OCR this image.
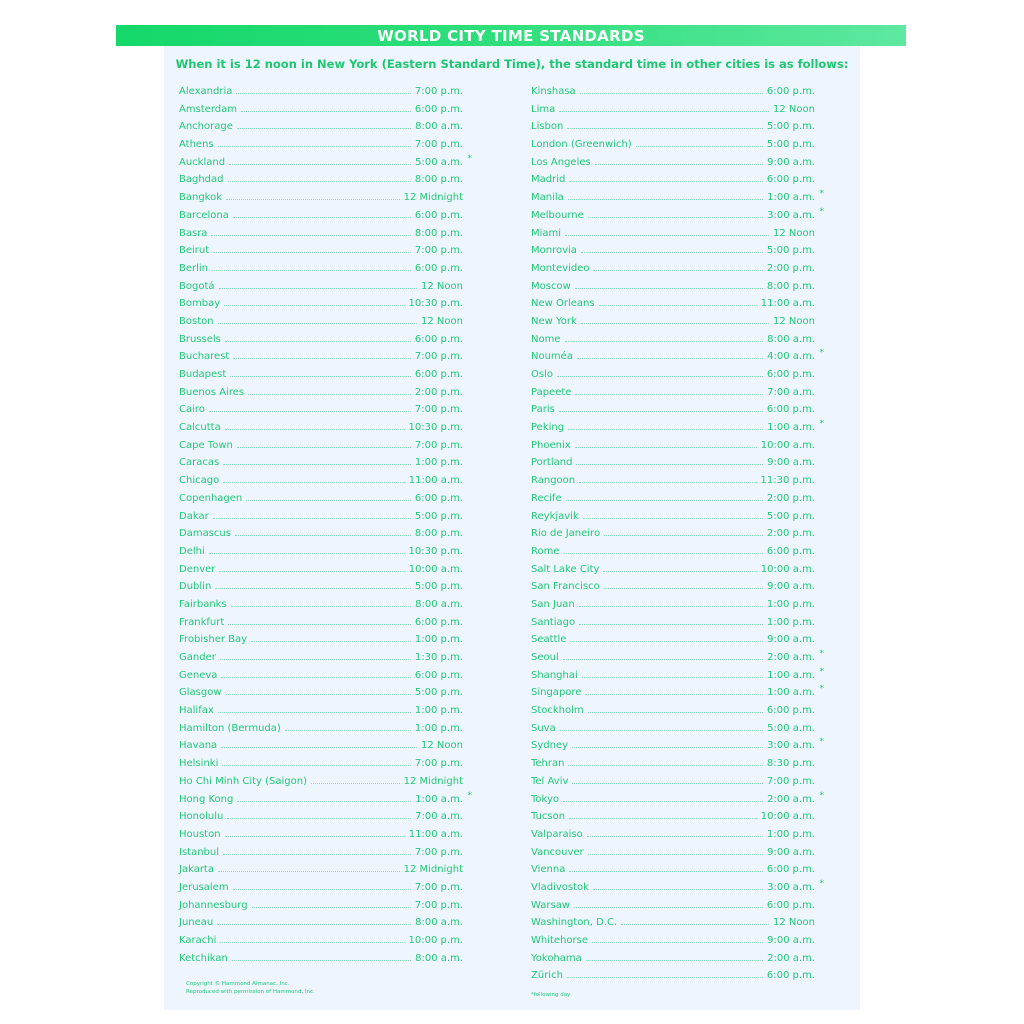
WORLD CITY TIME STANDARDS
When it is 12 noon in New York (Eastern Standard Time), the standard time in other cities is as follows:
Alexandria	7:00 p.m.
Amsterdam	6:00 p.m.
Anchorage	8:00 a.m.
Athens	7:00 p.m.
Auckland	5:00 a.m. *
Baghdad	8:00 p.m.
Bangkok	12 Midnight
Barcelona	6:00 p.m.
Basra	8:00 p.m.
Beirut	7:00 p.m.
Berlin	6:00 p.m.
Bogotá	12 Noon
Bombay	10:30 p.m.
Boston	12 Noon
Brussels	6:00 p.m.
Bucharest	7:00 p.m.
Budapest	6:00 p.m.
Buenos Aires	2:00 p.m.
Cairo	7:00 p.m.
Calcutta	10:30 p.m.
Cape Town	7:00 p.m.
Caracas	1:00 p.m.
Chicago	11:00 a.m.
Copenhagen	6:00 p.m.
Dakar	5:00 p.m.
Damascus	8:00 p.m.
Delhi	10:30 p.m.
Denver	10:00 a.m.
Dublin	5:00 p.m.
Fairbanks	8:00 a.m.
Frankfurt	6:00 p.m.
Frobisher Bay	1:00 p.m.
Gander	1:30 p.m.
Geneva	6:00 p.m.
Glasgow	5:00 p.m.
Halifax	1:00 p.m.
Hamilton (Bermuda)	1:00 p.m.
Havana	12 Noon
Helsinki	7:00 p.m.
Ho Chi Minh City (Saigon)	12 Midnight
Hong Kong	1:00 a.m. *
Honolulu	7:00 a.m.
Houston	11:00 a.m.
Istanbul	7:00 p.m.
Jakarta	12 Midnight
Jerusalem	7:00 p.m.
Johannesburg	7:00 p.m.
Juneau	8:00 a.m.
Karachi	10:00 p.m.
Ketchikan	8:00 a.m.
Kinshasa	6:00 p.m.
Lima	12 Noon
Lisbon	5:00 p.m.
London (Greenwich)	5:00 p.m.
Los Angeles	9:00 a.m.
Madrid	6:00 p.m.
Manila	1:00 a.m. *
Melbourne	3:00 a.m. *
Miami	12 Noon
Monrovia	5:00 p.m.
Montevideo	2:00 p.m.
Moscow	8:00 p.m.
New Orleans	11:00 a.m.
New York	12 Noon
Nome	8:00 a.m.
Nouméa	4:00 a.m. *
Oslo	6:00 p.m.
Papeete	7:00 a.m.
Paris	6:00 p.m.
Peking	1:00 a.m. *
Phoenix	10:00 a.m.
Portland	9:00 a.m.
Rangoon	11:30 p.m.
Recife	2:00 p.m.
Reykjavik	5:00 p.m.
Rio de Janeiro	2:00 p.m.
Rome	6:00 p.m.
Salt Lake City	10:00 a.m.
San Francisco	9:00 a.m.
San Juan	1:00 p.m.
Santiago	1:00 p.m.
Seattle	9:00 a.m.
Seoul	2:00 a.m. *
Shanghai	1:00 a.m. *
Singapore	1:00 a.m. *
Stockholm	6:00 p.m.
Suva	5:00 a.m.
Sydney	3:00 a.m. *
Tehran	8:30 p.m.
Tel Aviv	7:00 p.m.
Tokyo	2:00 a.m. *
Tucson	10:00 a.m.
Valparaiso	1:00 p.m.
Vancouver	9:00 a.m.
Vienna	6:00 p.m.
Vladivostok	3:00 a.m. *
Warsaw	6:00 p.m.
Washington, D.C.	12 Noon
Whitehorse	9:00 a.m.
Yokohama	2:00 a.m.
Zürich	6:00 p.m.
Copyright © Hammond Almanac, Inc.
Reproduced with permission of Hammond, Inc.	*following day
